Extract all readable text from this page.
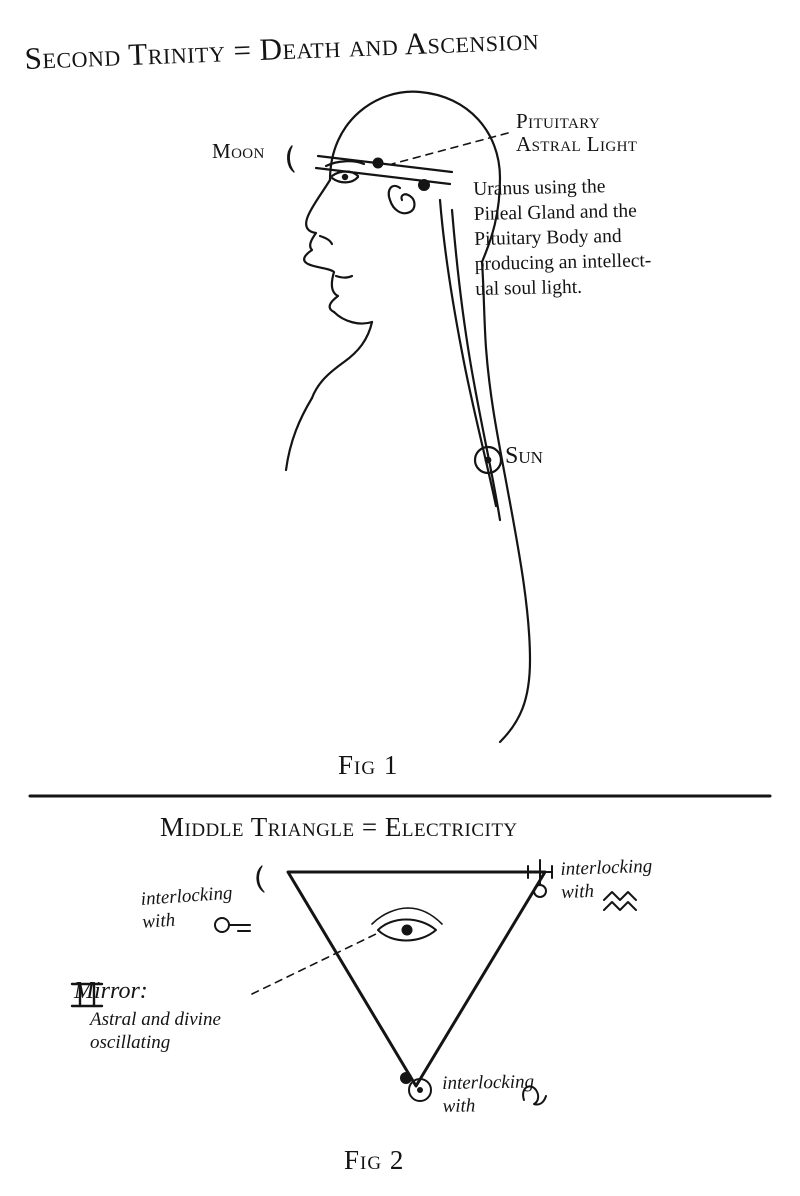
Second Trinity = Death and Ascension
Moon
Pituitary
Astral Light
Uranus using the
Pineal Gland and the
Pituitary Body and
producing an intellect-
ual soul light.
Sun
Fig 1
Middle Triangle = Electricity
interlocking
with
interlocking
with
interlocking
with
Mirror:
Astral and divine
oscillating
Fig 2
